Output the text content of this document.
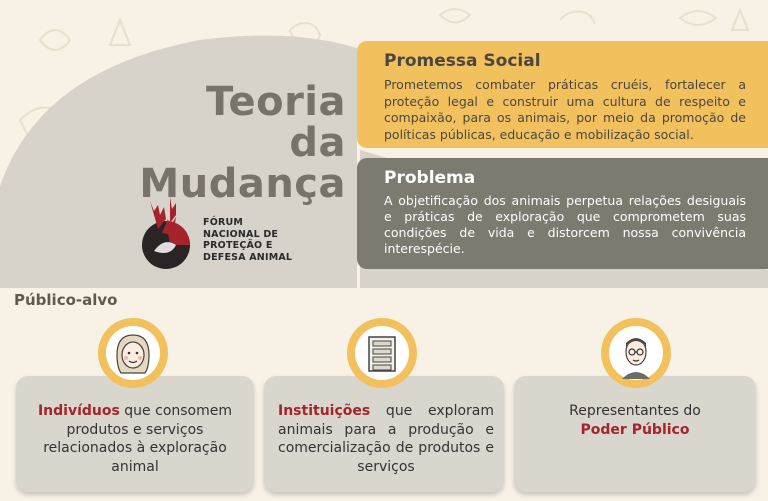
Teoria
da
Mudança
FÓRUM
NACIONAL DE
PROTEÇÃO E
DEFESA ANIMAL
Promessa Social
Prometemos combater práticas cruéis, fortalecer a proteção legal e construir uma cultura de respeito e compaixão, para os animais, por meio da promoção de políticas públicas, educação e mobilização social.
Problema
A objetificação dos animais perpetua relações desiguais e práticas de exploração que comprometem suas condições de vida e distorcem nossa convivência interespécie.
Público-alvo
Indivíduos que consomem produtos e serviços relacionados à exploração animal
Instituições que exploram animais para a produção e comercialização de produtos e serviços
Representantes do
Poder Público
